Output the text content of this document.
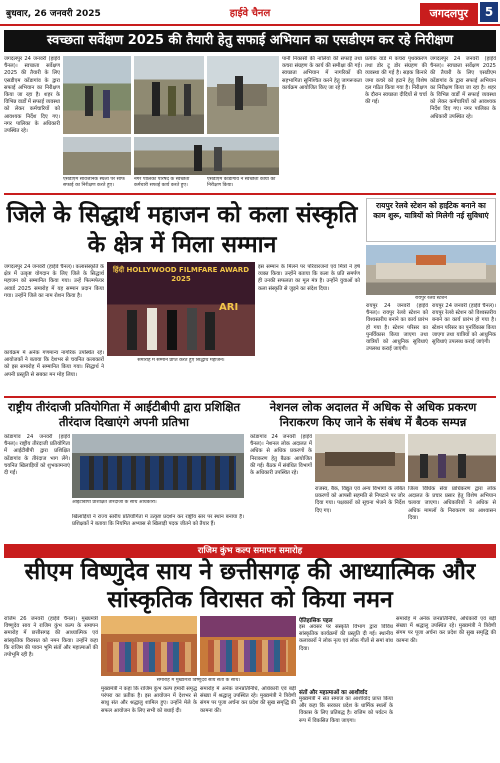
बुधवार, 26 जनवरी 2025	हाईवे चैनल	जगदलपुर	5
स्वच्छता सर्वेक्षण 2025 की तैयारी हेतु सफाई अभियान का एसडीएम कर रहे निरीक्षण
जगदलपुर 24 जनवरी (हाईवे चैनल)। स्वच्छता सर्वेक्षण 2025 की तैयारी के लिए एसडीएम कोंडागांव के द्वारा सफाई अभियान का निरीक्षण किया जा रहा है। शहर के विभिन्न वार्डों में सफाई व्यवस्था को लेकर कर्मचारियों को आवश्यक निर्देश दिए गए। नगर पालिका के अधिकारी उपस्थित रहे।
पानी निकासी की नालियों की सफाई तथा कचरा संग्रहण के कार्य की समीक्षा की गई। स्वच्छता अभियान में नागरिकों की सहभागिता सुनिश्चित करने हेतु जागरूकता कार्यक्रम आयोजित किए जा रहे हैं।
प्रत्येक वार्ड में कचरा पृथक्करण तथा डोर टू डोर संग्रहण की व्यवस्था की गई है। सड़क किनारे जमा कचरे को हटाने हेतु विशेष दल गठित किया गया है। निरीक्षण के दौरान स्वच्छता दीदियों से चर्चा की गई।
जगदलपुर 24 जनवरी (हाईवे चैनल)। स्वच्छता सर्वेक्षण 2025 की तैयारी के लिए एसडीएम कोंडागांव के द्वारा सफाई अभियान का निरीक्षण किया जा रहा है। शहर के विभिन्न वार्डों में सफाई व्यवस्था को लेकर कर्मचारियों को आवश्यक निर्देश दिए गए। नगर पालिका के अधिकारी उपस्थित रहे।
एसडीएम सार्वजनिक स्थलों पर साफ सफाई का निरीक्षण करते हुए।
नगर पालिका परिषद के स्वच्छता कर्मचारी सफाई कार्य करते हुए।
एसडीएम कोंडागांव ने स्वच्छता कार्यों का निरीक्षण किया।
जिले के सिद्धार्थ महाजन को कला संस्कृति के क्षेत्र में मिला सम्मान
जगदलपुर 24 जनवरी (हाईवे चैनल)। कलासंस्कृति के क्षेत्र में उत्कृष्ट योगदान के लिए जिले के सिद्धार्थ महाजन को सम्मानित किया गया। उन्हें फिल्मफेयर अवार्ड 2025 समारोह में यह सम्मान प्रदान किया गया। उन्होंने जिले का नाम रोशन किया है।
हिंदी HOLLYWOOD FILMFARE AWARD 2025
ARI
समारोह में सम्मान प्राप्त करते हुए सिद्धार्थ महाजन।
इस सम्मान के मिलने पर परिवारजनों एवं मित्रों ने हर्ष व्यक्त किया। उन्होंने बताया कि कला के प्रति समर्पण ही उनकी सफलता का मूल मंत्र है। उन्होंने युवाओं को कला संस्कृति से जुड़ने का संदेश दिया।
कार्यक्रम में अनेक गणमान्य नागरिक उपस्थित रहे। आयोजकों ने बताया कि देशभर से चयनित कलाकारों को इस समारोह में सम्मानित किया गया। सिद्धार्थ ने अपनी प्रस्तुति से सबका मन मोह लिया।
रायपुर रेलवे स्टेशन को हाईटेक बनाने का काम शुरू, यात्रियों को मिलेगी नई सुविधाएं
रायपुर रेलवे स्टेशन
रायपुर 24 जनवरी (हाईवे चैनल)। रायपुर रेलवे स्टेशन को विश्वस्तरीय बनाने का कार्य प्रारंभ हो गया है। स्टेशन परिसर का पुनर्विकास किया जाएगा तथा यात्रियों को आधुनिक सुविधाएं उपलब्ध कराई जाएंगी।
रायपुर 24 जनवरी (हाईवे चैनल)। रायपुर रेलवे स्टेशन को विश्वस्तरीय बनाने का कार्य प्रारंभ हो गया है। स्टेशन परिसर का पुनर्विकास किया जाएगा तथा यात्रियों को आधुनिक सुविधाएं उपलब्ध कराई जाएंगी।
राष्ट्रीय तीरंदाजी प्रतियोगिता में आईटीबीपी द्वारा प्रशिक्षित तीरंदाज दिखाएंगे अपनी प्रतिभा
कोंडागांव 24 जनवरी (हाईवे चैनल)। राष्ट्रीय तीरंदाजी प्रतियोगिता में आईटीबीपी द्वारा प्रशिक्षित कोंडागांव के तीरंदाज भाग लेंगे। चयनित खिलाड़ियों को शुभकामनाएं दी गईं।
आईटीबीपी प्रशिक्षित तीरंदाजों के साथ अधिकारी।
खिलाड़ियों ने राज्य स्तरीय प्रतियोगिता में उत्कृष्ट प्रदर्शन कर राष्ट्रीय स्तर पर स्थान बनाया है। प्रशिक्षकों ने बताया कि नियमित अभ्यास से खिलाड़ी पदक जीतने को तैयार हैं।
नेशनल लोक अदालत में अधिक से अधिक प्रकरण निराकरण किए जाने के संबंध में बैठक सम्पन्न
कोंडागांव 24 जनवरी (हाईवे चैनल)। नेशनल लोक अदालत में अधिक से अधिक प्रकरणों के निराकरण हेतु बैठक आयोजित की गई। बैठक में संबंधित विभागों के अधिकारी उपस्थित रहे।
राजस्व, बैंक, विद्युत एवं अन्य विभागों के लंबित प्रकरणों को आपसी सहमति से निपटाने पर जोर दिया गया। पक्षकारों को सूचना भेजने के निर्देश दिए गए।
जिला विधिक सेवा प्राधिकरण द्वारा लोक अदालत के प्रचार प्रसार हेतु विशेष अभियान चलाया जाएगा। अधिकारियों ने अधिक से अधिक मामलों के निराकरण का आश्वासन दिया।
राजिम कुंभ कल्प समापन समारोह
सीएम विष्णुदेव साय ने छत्तीसगढ़ की आध्यात्मिक और सांस्कृतिक विरासत को किया नमन
राजिम 26 जनवरी (हाईवे चैनल)। मुख्यमंत्री विष्णुदेव साय ने राजिम कुंभ कल्प के समापन समारोह में छत्तीसगढ़ की आध्यात्मिक एवं सांस्कृतिक विरासत को नमन किया। उन्होंने कहा कि राजिम की पावन भूमि संतों और महात्माओं की तपोभूमि रही है।
समारोह में मुख्यमंत्री विष्णुदेव साय संतों के साथ।
मुख्यमंत्री ने कहा कि राजिम कुंभ कल्प हमारी समृद्ध परंपरा का प्रतीक है। इस आयोजन में देशभर से साधु संत और श्रद्धालु शामिल हुए। उन्होंने मेले के सफल आयोजन के लिए सभी को बधाई दी।
समारोह में अनेक जनप्रतिनिधि, अधिकारी एवं बड़ी संख्या में श्रद्धालु उपस्थित रहे। मुख्यमंत्री ने त्रिवेणी संगम पर पूजा अर्चना कर प्रदेश की सुख समृद्धि की कामना की।
ऐतिहासिक पहल
इस अवसर पर संस्कृति विभाग द्वारा विविध सांस्कृतिक कार्यक्रमों की प्रस्तुति दी गई। स्थानीय कलाकारों ने लोक नृत्य एवं लोक गीतों से समां बांध दिया।
संतों और महात्माओं का आशीर्वाद
मुख्यमंत्री ने संत समाज का आशीर्वाद प्राप्त किया और कहा कि सरकार प्रदेश के धार्मिक स्थलों के विकास के लिए प्रतिबद्ध है। राजिम को पर्यटन के रूप में विकसित किया जाएगा।
समारोह में अनेक जनप्रतिनिधि, अधिकारी एवं बड़ी संख्या में श्रद्धालु उपस्थित रहे। मुख्यमंत्री ने त्रिवेणी संगम पर पूजा अर्चना कर प्रदेश की सुख समृद्धि की कामना की।
